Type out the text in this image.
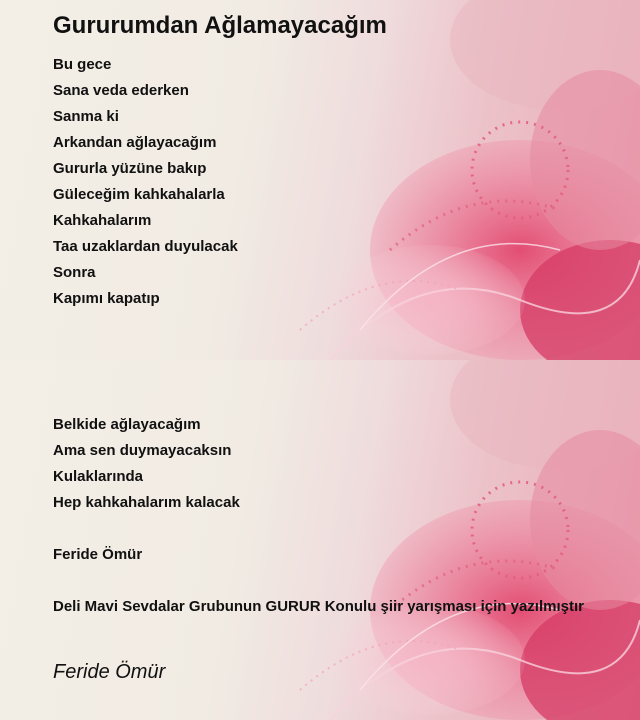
Gururumdan Ağlamayacağım
Bu gece
Sana veda ederken
Sanma ki
Arkandan ağlayacağım
Gururla yüzüne bakıp
Güleceğim kahkahalarla
Kahkahalarım
Taa uzaklardan duyulacak
Sonra
Kapımı kapatıp
Belkide ağlayacağım
Ama sen duymayacaksın
Kulaklarında
Hep kahkahalarım kalacak
Feride Ömür
Deli Mavi Sevdalar Grubunun GURUR Konulu şiir yarışması için yazılmıştır
Feride Ömür
